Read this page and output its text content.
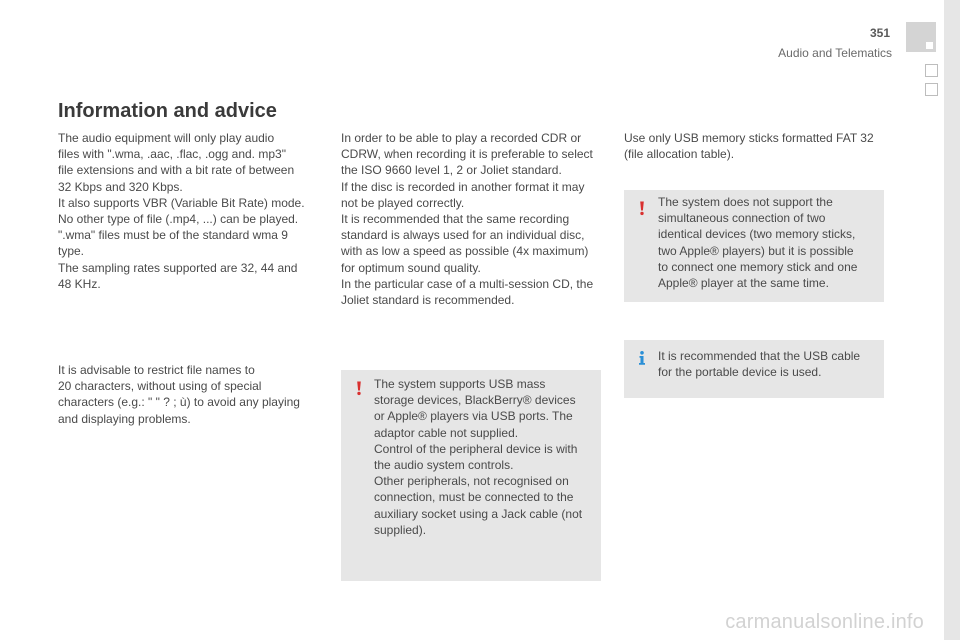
351
Audio and Telematics
Information and advice
The audio equipment will only play audio
files with ".wma, .aac, .flac, .ogg and. mp3"
file extensions and with a bit rate of between
32 Kbps and 320 Kbps.
It also supports VBR (Variable Bit Rate) mode.
No other type of file (.mp4, ...) can be played.
".wma" files must be of the standard wma 9
type.
The sampling rates supported are 32, 44 and
48 KHz.
It is advisable to restrict file names to
20 characters, without using of special
characters (e.g.: " " ? ; ù) to avoid any playing
and displaying problems.
In order to be able to play a recorded CDR or
CDRW, when recording it is preferable to select
the ISO 9660 level 1, 2 or Joliet standard.
If the disc is recorded in another format it may
not be played correctly.
It is recommended that the same recording
standard is always used for an individual disc,
with as low a speed as possible (4x maximum)
for optimum sound quality.
In the particular case of a multi-session CD, the
Joliet standard is recommended.
Use only USB memory sticks formatted FAT 32
(file allocation table).
The system supports USB mass
storage devices, BlackBerry® devices
or Apple® players via USB ports. The
adaptor cable not supplied.
Control of the peripheral device is with
the audio system controls.
Other peripherals, not recognised on
connection, must be connected to the
auxiliary socket using a Jack cable (not
supplied).
The system does not support the
simultaneous connection of two
identical devices (two memory sticks,
two Apple® players) but it is possible
to connect one memory stick and one
Apple® player at the same time.
It is recommended that the USB cable
for the portable device is used.
carmanualsonline.info
